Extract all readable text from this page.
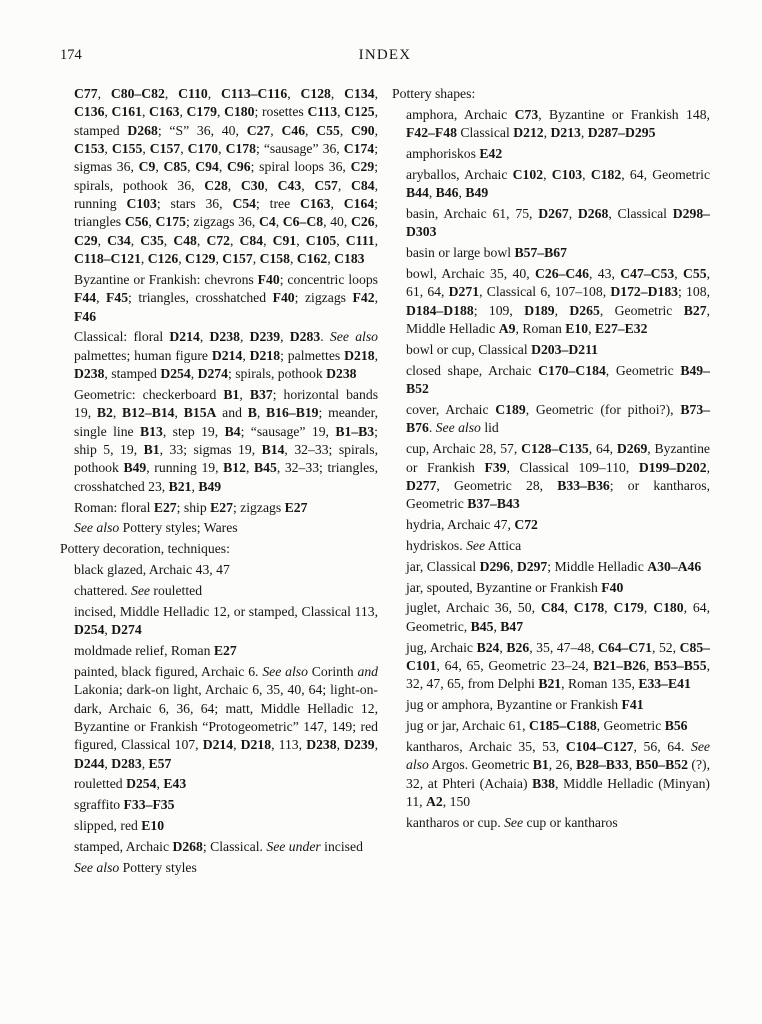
174	INDEX
C77, C80–C82, C110, C113–C116, C128, C134, C136, C161, C163, C179, C180; rosettes C113, C125, stamped D268; “S” 36, 40, C27, C46, C55, C90, C153, C155, C157, C170, C178; “sausage” 36, C174; sigmas 36, C9, C85, C94, C96; spiral loops 36, C29; spirals, pothook 36, C28, C30, C43, C57, C84, running C103; stars 36, C54; tree C163, C164; triangles C56, C175; zigzags 36, C4, C6–C8, 40, C26, C29, C34, C35, C48, C72, C84, C91, C105, C111, C118–C121, C126, C129, C157, C158, C162, C183
Byzantine or Frankish: chevrons F40; concentric loops F44, F45; triangles, crosshatched F40; zigzags F42, F46
Classical: floral D214, D238, D239, D283. See also palmettes; human figure D214, D218; palmettes D218, D238, stamped D254, D274; spirals, pothook D238
Geometric: checkerboard B1, B37; horizontal bands 19, B2, B12–B14, B15A and B, B16–B19; meander, single line B13, step 19, B4; “sausage” 19, B1–B3; ship 5, 19, B1, 33; sigmas 19, B14, 32–33; spirals, pothook B49, running 19, B12, B45, 32–33; triangles, crosshatched 23, B21, B49
Roman: floral E27; ship E27; zigzags E27
See also Pottery styles; Wares
Pottery decoration, techniques:
black glazed, Archaic 43, 47
chattered. See rouletted
incised, Middle Helladic 12, or stamped, Classical 113, D254, D274
moldmade relief, Roman E27
painted, black figured, Archaic 6. See also Corinth and Lakonia; dark-on light, Archaic 6, 35, 40, 64; light-on-dark, Archaic 6, 36, 64; matt, Middle Helladic 12, Byzantine or Frankish “Protogeometric” 147, 149; red figured, Classical 107, D214, D218, 113, D238, D239, D244, D283, E57
rouletted D254, E43
sgraffito F33–F35
slipped, red E10
stamped, Archaic D268; Classical. See under incised
See also Pottery styles
Pottery shapes:
amphora, Archaic C73, Byzantine or Frankish 148, F42–F48 Classical D212, D213, D287–D295
amphoriskos E42
aryballos, Archaic C102, C103, C182, 64, Geometric B44, B46, B49
basin, Archaic 61, 75, D267, D268, Classical D298–D303
basin or large bowl B57–B67
bowl, Archaic 35, 40, C26–C46, 43, C47–C53, C55, 61, 64, D271, Classical 6, 107–108, D172–D183; 108, D184–D188; 109, D189, D265, Geometric B27, Middle Helladic A9, Roman E10, E27–E32
bowl or cup, Classical D203–D211
closed shape, Archaic C170–C184, Geometric B49–B52
cover, Archaic C189, Geometric (for pithoi?), B73–B76. See also lid
cup, Archaic 28, 57, C128–C135, 64, D269, Byzantine or Frankish F39, Classical 109–110, D199–D202, D277, Geometric 28, B33–B36; or kantharos, Geometric B37–B43
hydria, Archaic 47, C72
hydriskos. See Attica
jar, Classical D296, D297; Middle Helladic A30–A46
jar, spouted, Byzantine or Frankish F40
juglet, Archaic 36, 50, C84, C178, C179, C180, 64, Geometric, B45, B47
jug, Archaic B24, B26, 35, 47–48, C64–C71, 52, C85–C101, 64, 65, Geometric 23–24, B21–B26, B53–B55, 32, 47, 65, from Delphi B21, Roman 135, E33–E41
jug or amphora, Byzantine or Frankish F41
jug or jar, Archaic 61, C185–C188, Geometric B56
kantharos, Archaic 35, 53, C104–C127, 56, 64. See also Argos. Geometric B1, 26, B28–B33, B50–B52 (?), 32, at Phteri (Achaia) B38, Middle Helladic (Minyan) 11, A2, 150
kantharos or cup. See cup or kantharos
